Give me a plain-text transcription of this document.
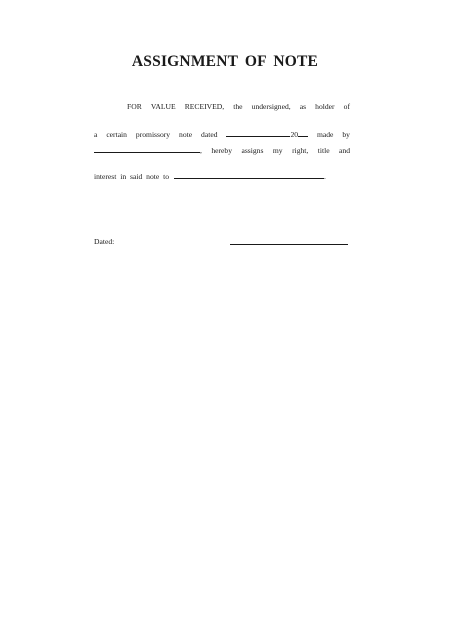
ASSIGNMENT OF NOTE
FOR VALUE RECEIVED, the undersigned, as holder of
a certain promissory note dated	20	made by
, hereby assigns my right, title and
interest in said note to	.
Dated:
